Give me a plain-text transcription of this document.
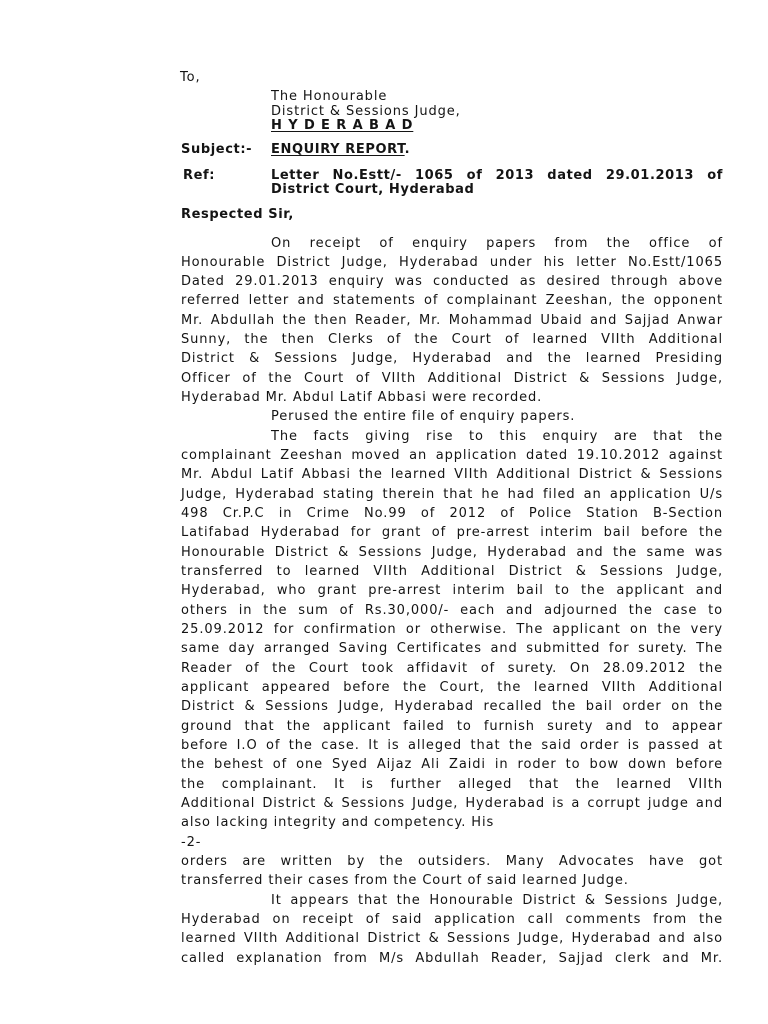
To,
The Honourable
District & Sessions Judge,
H Y D E R A B A D
Subject:- ENQUIRY REPORT.
Ref:	Letter No.Estt/- 1065 of 2013 dated 29.01.2013 of
District Court, Hyderabad
Respected Sir,
On receipt of enquiry papers from the office of
Honourable District Judge, Hyderabad under his letter No.Estt/1065
Dated 29.01.2013 enquiry was conducted as desired through above
referred letter and statements of complainant Zeeshan, the opponent
Mr. Abdullah the then Reader, Mr. Mohammad Ubaid and Sajjad Anwar
Sunny, the then Clerks of the Court of learned VIIth Additional
District & Sessions Judge, Hyderabad and the learned Presiding
Officer of the Court of VIIth Additional District & Sessions Judge,
Hyderabad Mr. Abdul Latif Abbasi were recorded.
Perused the entire file of enquiry papers.
The facts giving rise to this enquiry are that the
complainant Zeeshan moved an application dated 19.10.2012 against
Mr. Abdul Latif Abbasi the learned VIIth Additional District & Sessions
Judge, Hyderabad stating therein that he had filed an application U/s
498 Cr.P.C in Crime No.99 of 2012 of Police Station B-Section
Latifabad Hyderabad for grant of pre-arrest interim bail before the
Honourable District & Sessions Judge, Hyderabad and the same was
transferred to learned VIIth Additional District & Sessions Judge,
Hyderabad, who grant pre-arrest interim bail to the applicant and
others in the sum of Rs.30,000/- each and adjourned the case to
25.09.2012 for confirmation or otherwise. The applicant on the very
same day arranged Saving Certificates and submitted for surety. The
Reader of the Court took affidavit of surety. On 28.09.2012 the
applicant appeared before the Court, the learned VIIth Additional
District & Sessions Judge, Hyderabad recalled the bail order on the
ground that the applicant failed to furnish surety and to appear
before I.O of the case. It is alleged that the said order is passed at
the behest of one Syed Aijaz Ali Zaidi in roder to bow down before
the complainant. It is further alleged that the learned VIIth
Additional District & Sessions Judge, Hyderabad is a corrupt judge and
also lacking integrity and competency. His
-2-
orders are written by the outsiders. Many Advocates have got
transferred their cases from the Court of said learned Judge.
It appears that the Honourable District & Sessions Judge,
Hyderabad on receipt of said application call comments from the
learned VIIth Additional District & Sessions Judge, Hyderabad and also
called explanation from M/s Abdullah Reader, Sajjad clerk and Mr.
